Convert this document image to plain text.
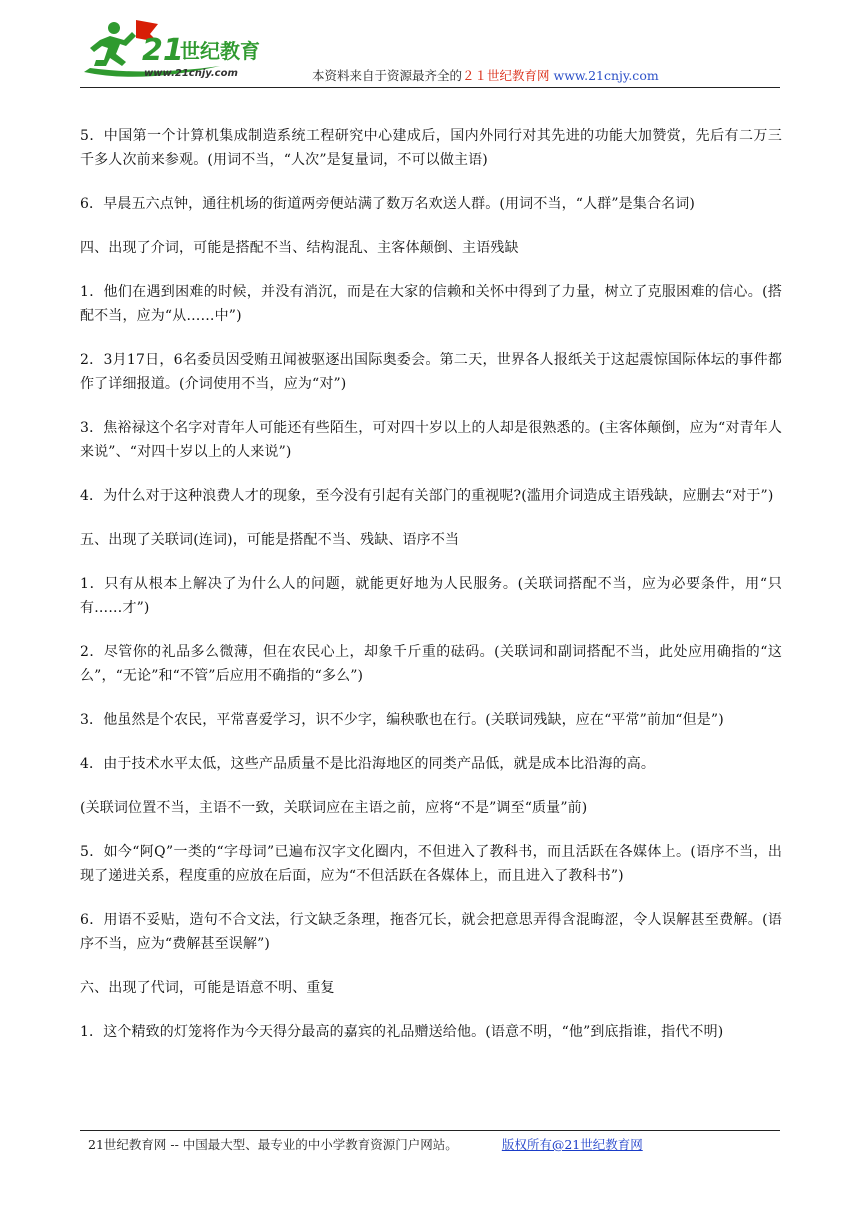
21
世纪教育
www.21cnjy.com	本资料来自于资源最齐全的２１世纪教育网 www.21cnjy.com

5．中国第一个计算机集成制造系统工程研究中心建成后，国内外同行对其先进的功能大加赞赏，先后有二万三千多人次前来参观。(用词不当，“人次”是复量词，不可以做主语)

6．早晨五六点钟，通往机场的街道两旁便站满了数万名欢送人群。(用词不当，“人群”是集合名词)

四、出现了介词，可能是搭配不当、结构混乱、主客体颠倒、主语残缺

1．他们在遇到困难的时候，并没有消沉，而是在大家的信赖和关怀中得到了力量，树立了克服困难的信心。(搭配不当，应为“从……中”)

2．3月17日，6名委员因受贿丑闻被驱逐出国际奥委会。第二天，世界各人报纸关于这起震惊国际体坛的事件都作了详细报道。(介词使用不当，应为“对”)

3．焦裕禄这个名字对青年人可能还有些陌生，可对四十岁以上的人却是很熟悉的。(主客体颠倒，应为“对青年人来说”、“对四十岁以上的人来说”)

4．为什么对于这种浪费人才的现象，至今没有引起有关部门的重视呢?(滥用介词造成主语残缺，应删去“对于”)

五、出现了关联词(连词)，可能是搭配不当、残缺、语序不当

1．只有从根本上解决了为什么人的问题，就能更好地为人民服务。(关联词搭配不当，应为必要条件，用“只有……才”)

2．尽管你的礼品多么微薄，但在农民心上，却象千斤重的砝码。(关联词和副词搭配不当，此处应用确指的“这么”，“无论”和“不管”后应用不确指的“多么”)

3．他虽然是个农民，平常喜爱学习，识不少字，编秧歌也在行。(关联词残缺，应在“平常”前加“但是”)

4．由于技术水平太低，这些产品质量不是比沿海地区的同类产品低，就是成本比沿海的高。

(关联词位置不当，主语不一致，关联词应在主语之前，应将“不是”调至“质量”前)

5．如今“阿Q”一类的“字母词”已遍布汉字文化圈内，不但进入了教科书，而且活跃在各媒体上。(语序不当，出现了递进关系，程度重的应放在后面，应为“不但活跃在各媒体上，而且进入了教科书”)

6．用语不妥贴，造句不合文法，行文缺乏条理，拖沓冗长，就会把意思弄得含混晦涩，令人误解甚至费解。(语序不当，应为“费解甚至误解”)

六、出现了代词，可能是语意不明、重复

1．这个精致的灯笼将作为今天得分最高的嘉宾的礼品赠送给他。(语意不明，“他”到底指谁，指代不明)

21世纪教育网 -- 中国最大型、最专业的中小学教育资源门户网站。	版权所有@21世纪教育网
